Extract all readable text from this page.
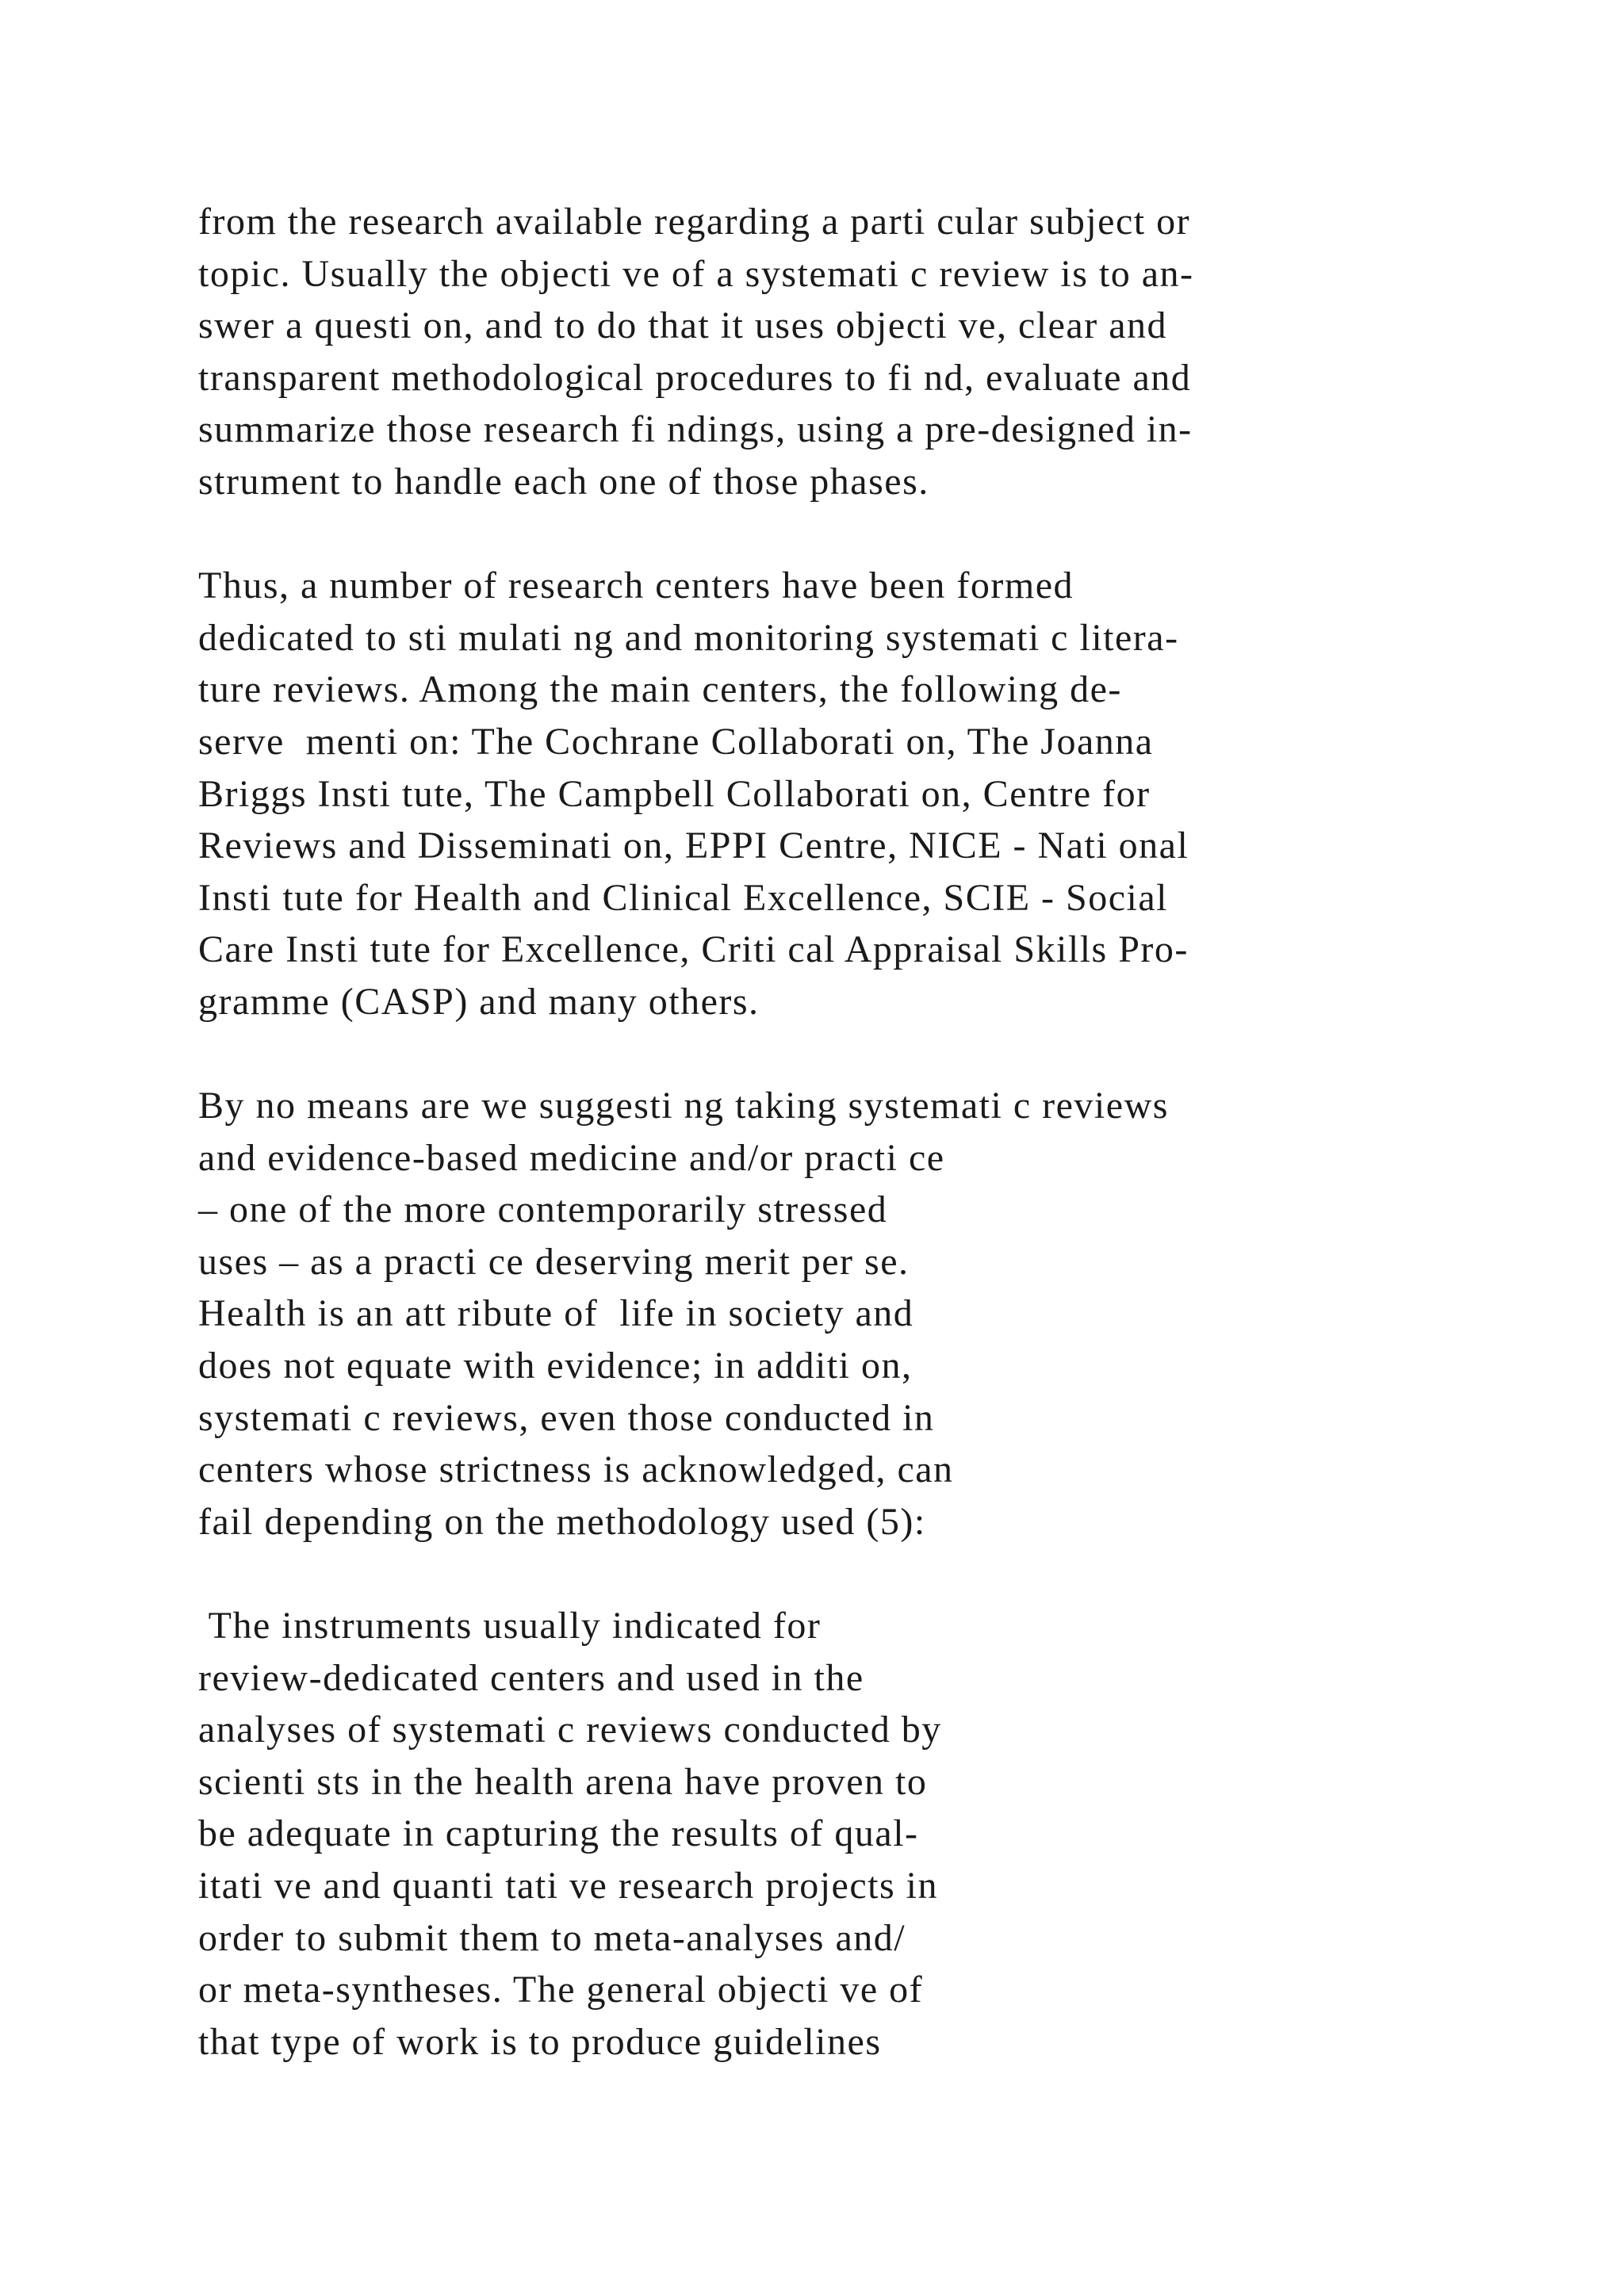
from the research available regarding a parti cular subject or
topic. Usually the objecti ve of a systemati c review is to an-
swer a questi on, and to do that it uses objecti ve, clear and
transparent methodological procedures to fi nd, evaluate and
summarize those research fi ndings, using a pre-designed in-
strument to handle each one of those phases.

Thus, a number of research centers have been formed
dedicated to sti mulati ng and monitoring systemati c litera-
ture reviews. Among the main centers, the following de-
serve  menti on: The Cochrane Collaborati on, The Joanna
Briggs Insti tute, The Campbell Collaborati on, Centre for
Reviews and Disseminati on, EPPI Centre, NICE - Nati onal
Insti tute for Health and Clinical Excellence, SCIE - Social
Care Insti tute for Excellence, Criti cal Appraisal Skills Pro-
gramme (CASP) and many others.

By no means are we suggesti ng taking systemati c reviews
and evidence-based medicine and/or practi ce
– one of the more contemporarily stressed
uses – as a practi ce deserving merit per se.
Health is an att ribute of  life in society and
does not equate with evidence; in additi on,
systemati c reviews, even those conducted in
centers whose strictness is acknowledged, can
fail depending on the methodology used (5):

The instruments usually indicated for
review-dedicated centers and used in the
analyses of systemati c reviews conducted by
scienti sts in the health arena have proven to
be adequate in capturing the results of qual-
itati ve and quanti tati ve research projects in
order to submit them to meta-analyses and/
or meta-syntheses. The general objecti ve of
that type of work is to produce guidelines
